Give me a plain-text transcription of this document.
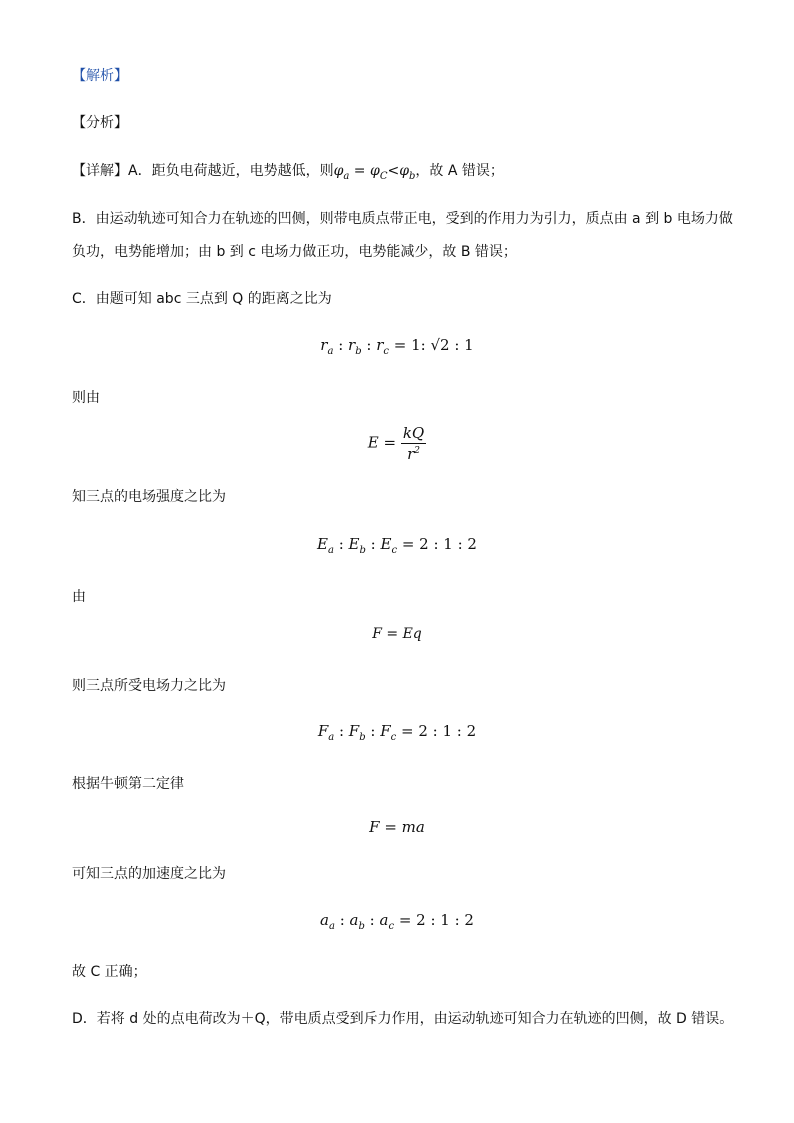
【解析】
【分析】
【详解】A．距负电荷越近，电势越低，则$\varphi_a = \varphi_C<\varphi_b$，故 A 错误；
B．由运动轨迹可知合力在轨迹的凹侧，则带电质点带正电，受到的作用力为引力，质点由 a 到 b 电场力做
负功，电势能增加；由 b 到 c 电场力做正功，电势能减少，故 B 错误；
C．由题可知 abc 三点到 Q 的距离之比为
$r_a$ : $r_b$ : $r_c = 1$: √2 : 1
则由
$E = \frac{kQ}{r^2}$
知三点的电场强度之比为
$E_a$ : $E_b$ : $E_c = 2$ : 1 : 2
由
F = Eq
则三点所受电场力之比为
$F_a$ : $F_b$ : $F_c = 2$ : 1 : 2
根据牛顿第二定律
F = ma
可知三点的加速度之比为
$a_a$ : $a_b$ : $a_c = 2$ : 1 : 2
故 C 正确；
D．若将 d 处的点电荷改为＋Q，带电质点受到斥力作用，由运动轨迹可知合力在轨迹的凹侧，故 D 错误。
